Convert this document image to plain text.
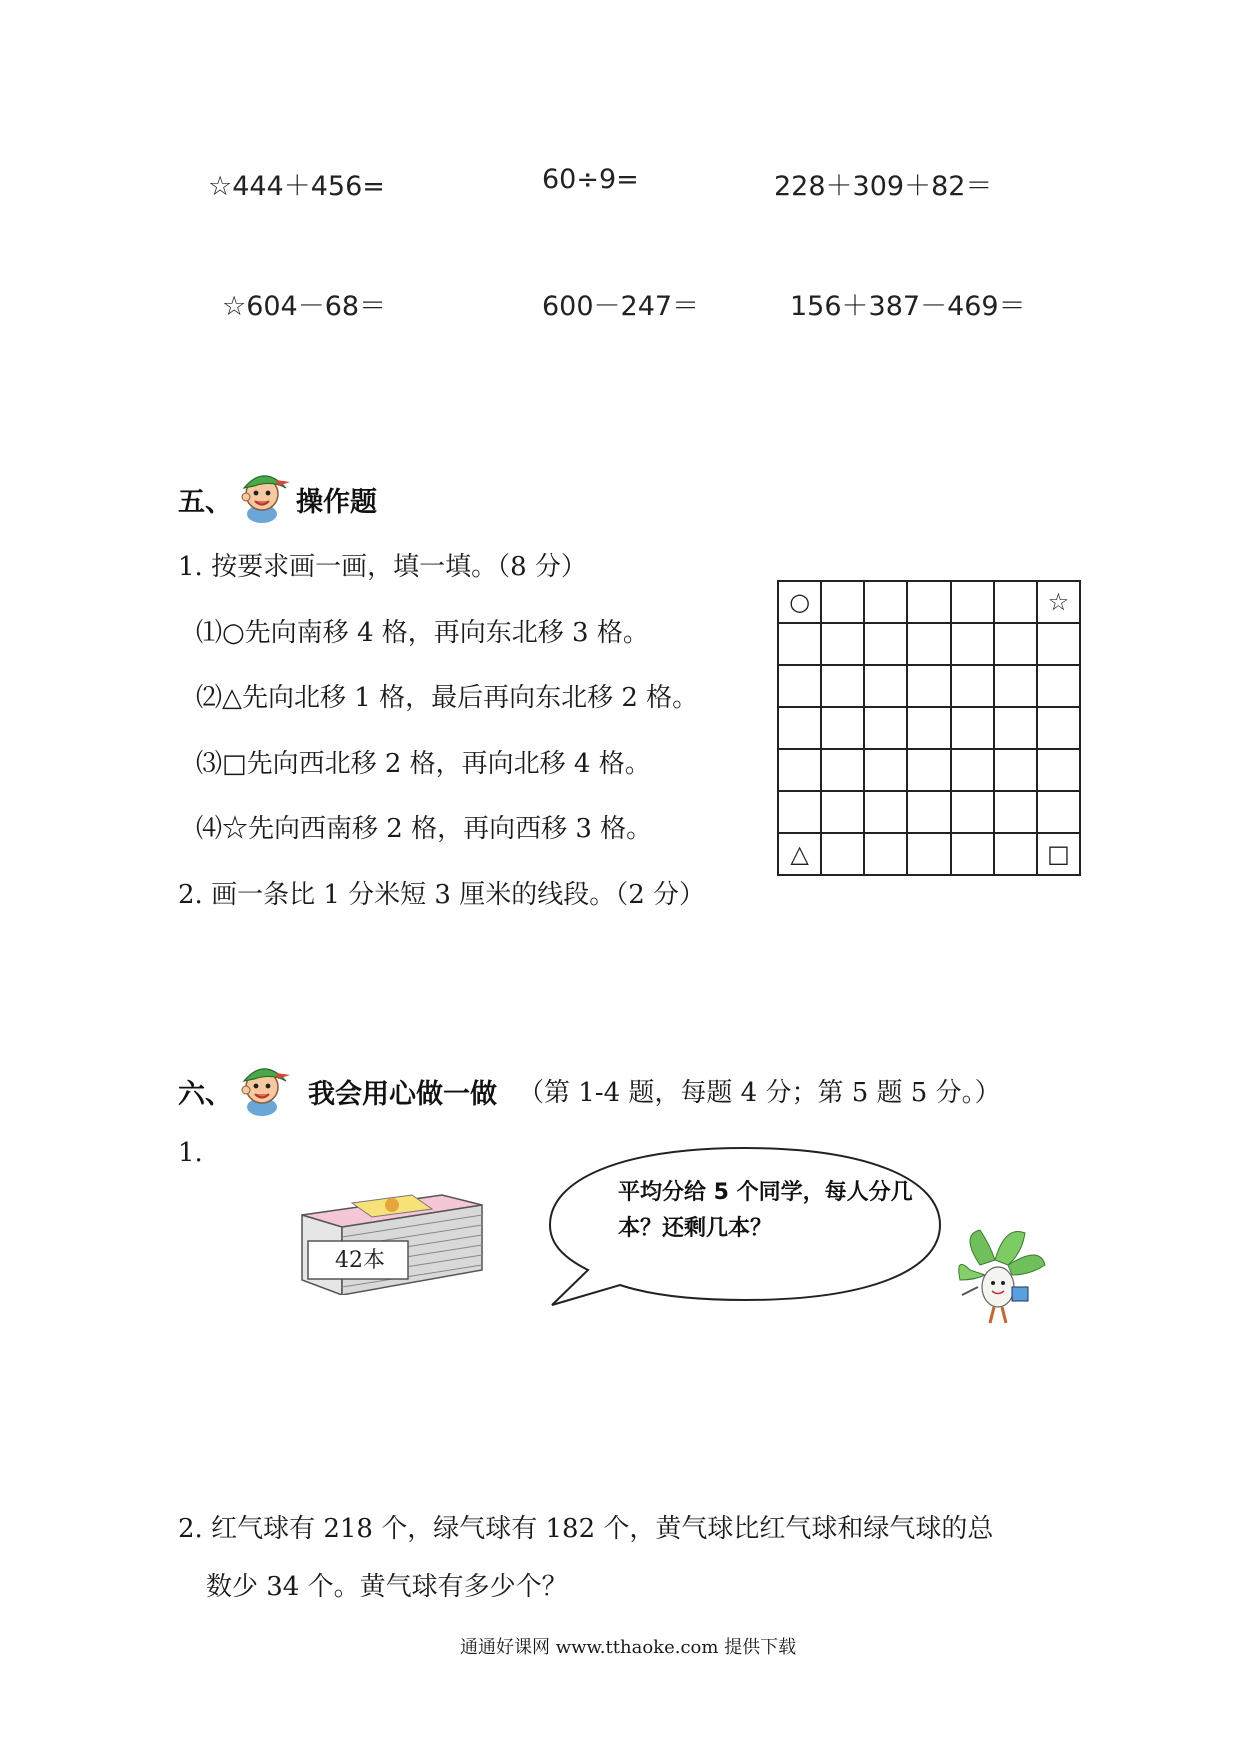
☆444＋456=	60÷9=	228＋309＋82＝
☆604－68＝	600－247＝	156＋387－469＝
五、 操作题
1. 按要求画一画，填一填。（8 分）
⑴○先向南移 4 格，再向东北移 3 格。
⑵△先向北移 1 格，最后再向东北移 2 格。
⑶□先向西北移 2 格，再向北移 4 格。
⑷☆先向西南移 2 格，再向西移 3 格。
2. 画一条比 1 分米短 3 厘米的线段。（2 分）
○						☆

△						□
六、	我会用心做一做 （第 1-4 题，每题 4 分；第 5 题 5 分。）
1.
42本
平均分给 5 个同学，每人分几本？还剩几本？
2. 红气球有 218 个，绿气球有 182 个，黄气球比红气球和绿气球的总
数少 34 个。黄气球有多少个？
通通好课网 www.tthaoke.com 提供下载
